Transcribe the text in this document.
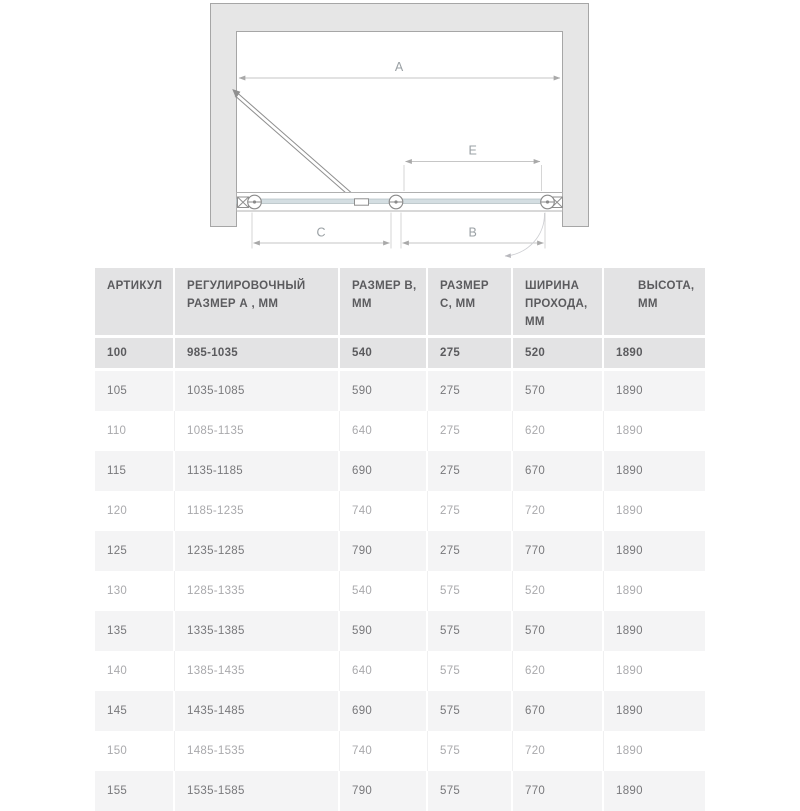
A
E
C	B
АРТИКУЛ	РЕГУЛИРОВОЧНЫЙ РАЗМЕР А , ММ	РАЗМЕР B, ММ	РАЗМЕР C, ММ	ШИРИНА ПРОХОДА, ММ	ВЫСОТА, ММ
100	985-1035	540	275	520	1890
105	1035-1085	590	275	570	1890
110	1085-1135	640	275	620	1890
115	1135-1185	690	275	670	1890
120	1185-1235	740	275	720	1890
125	1235-1285	790	275	770	1890
130	1285-1335	540	575	520	1890
135	1335-1385	590	575	570	1890
140	1385-1435	640	575	620	1890
145	1435-1485	690	575	670	1890
150	1485-1535	740	575	720	1890
155	1535-1585	790	575	770	1890
